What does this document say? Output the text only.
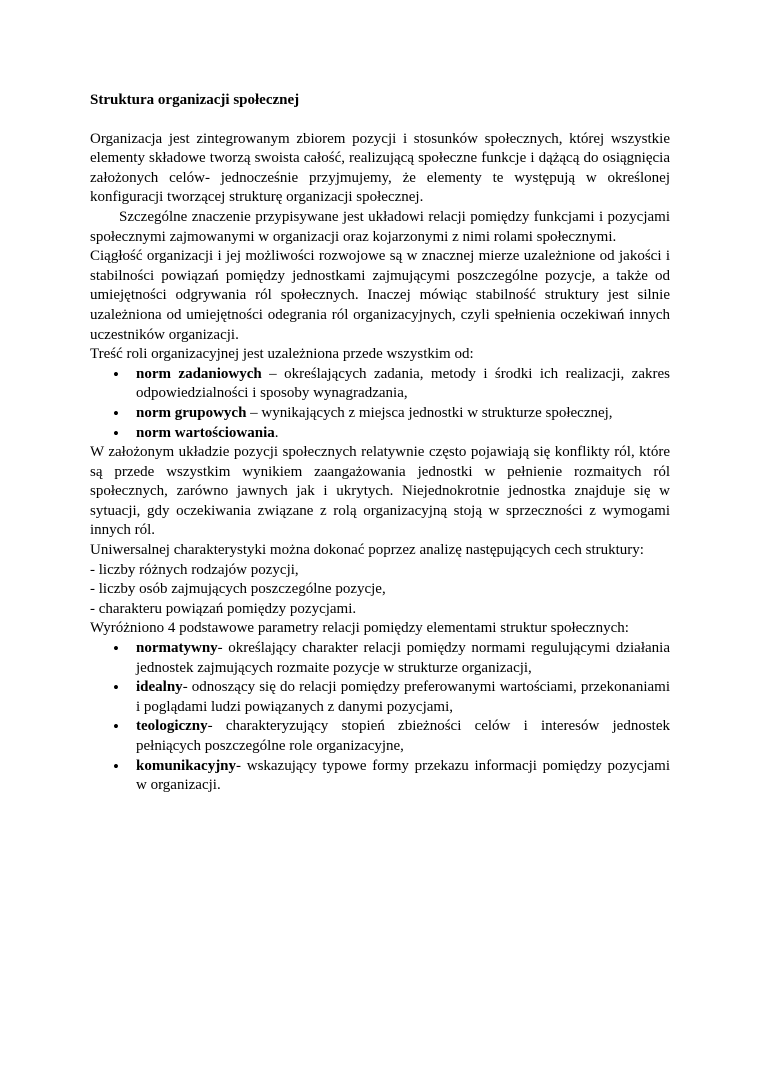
Struktura organizacji społecznej

Organizacja jest zintegrowanym zbiorem pozycji i stosunków społecznych, której wszystkie elementy składowe tworzą swoista całość, realizującą społeczne funkcje i dążącą do osiągnięcia założonych celów- jednocześnie przyjmujemy, że elementy te występują w określonej konfiguracji tworzącej strukturę organizacji społecznej.

Szczególne znaczenie przypisywane jest układowi relacji pomiędzy funkcjami i pozycjami społecznymi zajmowanymi w organizacji oraz kojarzonymi z nimi rolami społecznymi.

Ciągłość organizacji i jej możliwości rozwojowe są w znacznej mierze uzależnione od jakości i stabilności powiązań pomiędzy jednostkami zajmującymi poszczególne pozycje, a także od umiejętności odgrywania ról społecznych. Inaczej mówiąc stabilność struktury jest silnie uzależniona od umiejętności odegrania ról organizacyjnych, czyli spełnienia oczekiwań innych uczestników organizacji.

Treść roli organizacyjnej jest uzależniona przede wszystkim od:

• norm zadaniowych – określających zadania, metody i środki ich realizacji, zakres odpowiedzialności i sposoby wynagradzania,
• norm grupowych – wynikających z miejsca jednostki w strukturze społecznej,
• norm wartościowania.

W założonym układzie pozycji społecznych relatywnie często pojawiają się konflikty ról, które są przede wszystkim wynikiem zaangażowania jednostki w pełnienie rozmaitych ról społecznych, zarówno jawnych jak i ukrytych. Niejednokrotnie jednostka znajduje się w sytuacji, gdy oczekiwania związane z rolą organizacyjną stoją w sprzeczności z wymogami innych ról.

Uniwersalnej charakterystyki można dokonać poprzez analizę następujących cech struktury:

- liczby różnych rodzajów pozycji,
- liczby osób zajmujących poszczególne pozycje,
- charakteru powiązań pomiędzy pozycjami.

Wyróżniono 4 podstawowe parametry relacji pomiędzy elementami struktur społecznych:

• normatywny- określający charakter relacji pomiędzy normami regulującymi działania jednostek zajmujących rozmaite pozycje w strukturze organizacji,
• idealny- odnoszący się do relacji pomiędzy preferowanymi wartościami, przekonaniami i poglądami ludzi powiązanych z danymi pozycjami,
• teologiczny- charakteryzujący stopień zbieżności celów i interesów jednostek pełniących poszczególne role organizacyjne,
• komunikacyjny- wskazujący typowe formy przekazu informacji pomiędzy pozycjami w organizacji.
